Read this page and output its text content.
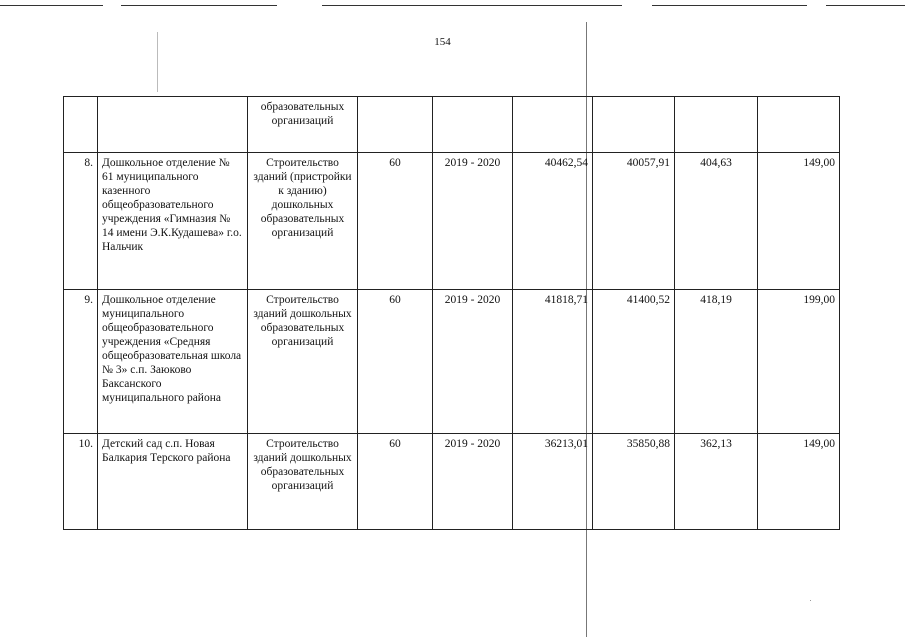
154
		образовательных организаций						
8.	Дошкольное отделение № 61 муниципального казенного общеобразовательного учреждения «Гимназия № 14 имени Э.К.Кудашева» г.о. Нальчик	Строительство зданий (пристройки к зданию) дошкольных образовательных организаций	60	2019 - 2020	40462,54	40057,91	404,63	149,00
9.	Дошкольное отделение муниципального общеобразовательного учреждения «Средняя общеобразовательная школа № 3» с.п. Заюково Баксанского муниципального района	Строительство зданий дошкольных образовательных организаций	60	2019 - 2020	41818,71	41400,52	418,19	199,00
10.	Детский сад с.п. Новая Балкария Терского района	Строительство зданий дошкольных образовательных организаций	60	2019 - 2020	36213,01	35850,88	362,13	149,00
